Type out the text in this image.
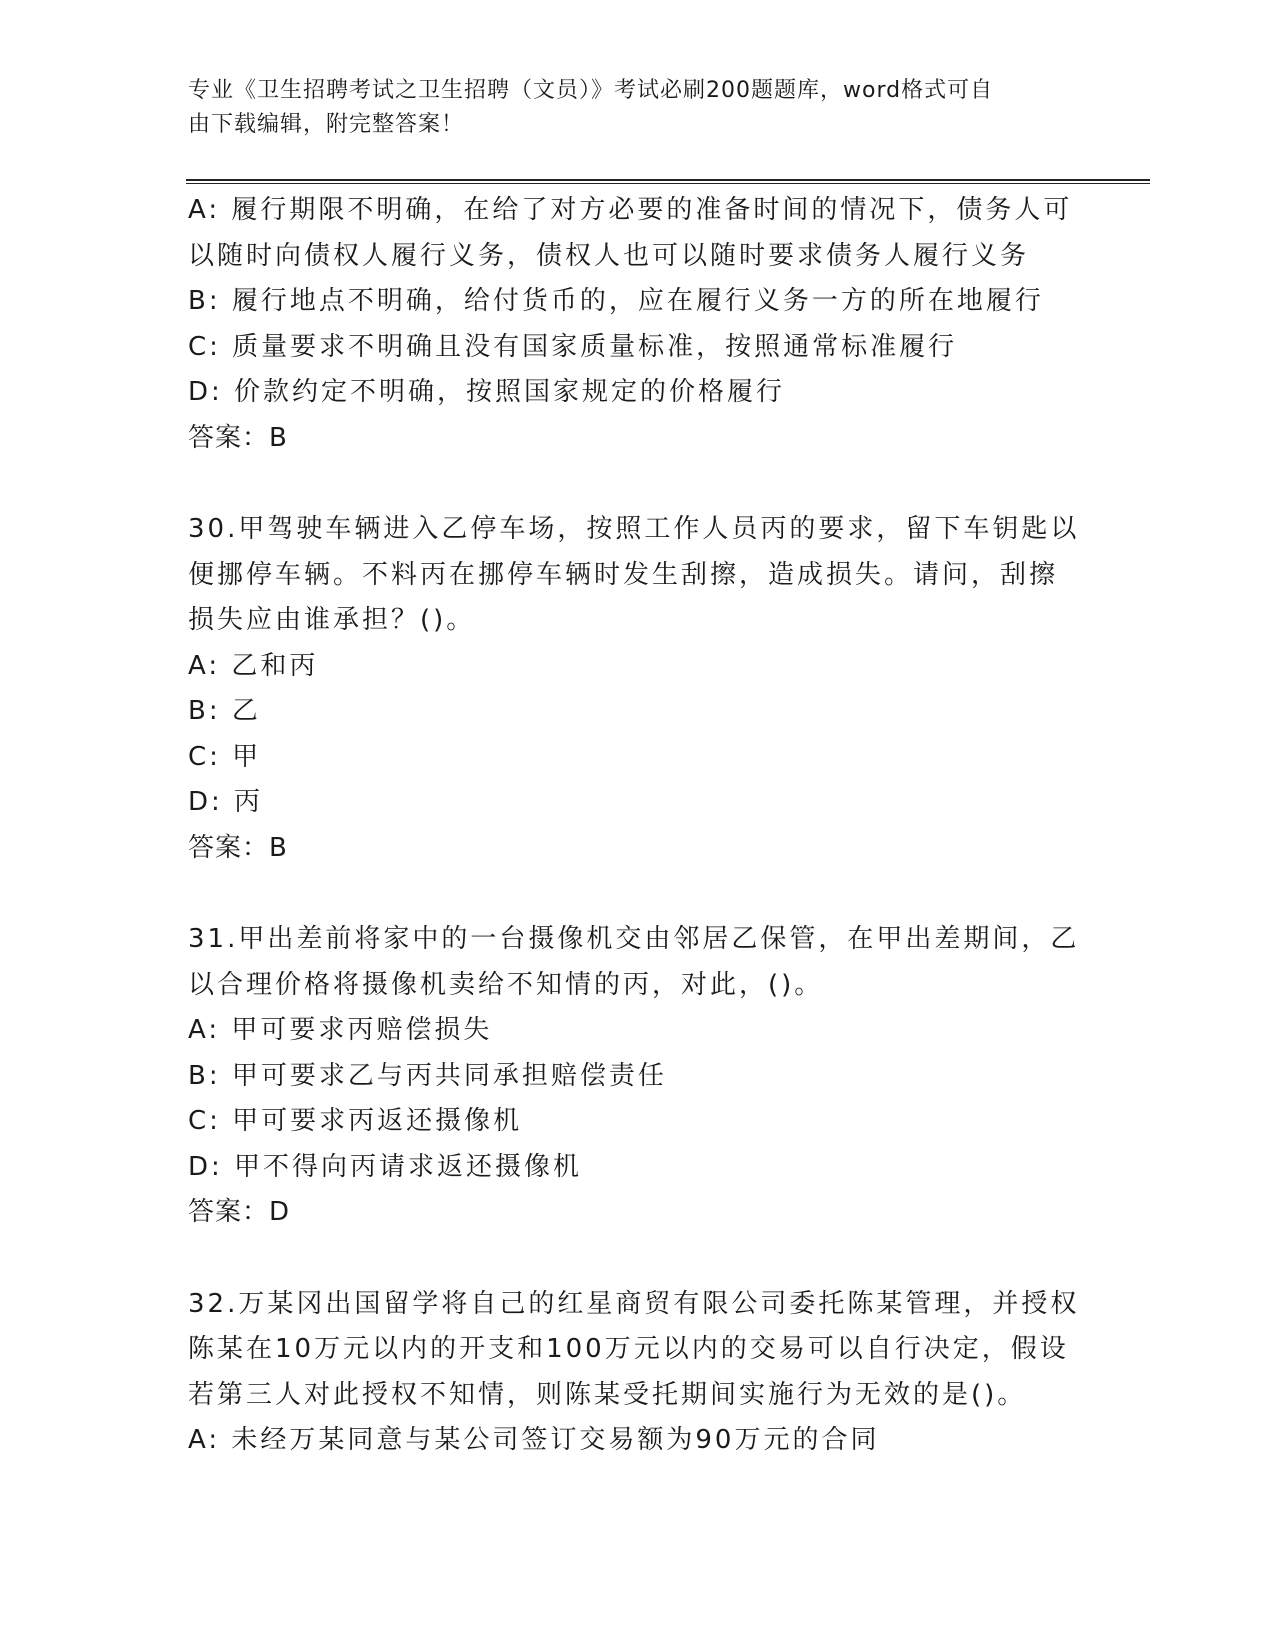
专业《卫生招聘考试之卫生招聘（文员）》考试必刷200题题库，word格式可自
由下载编辑，附完整答案！
A: 履行期限不明确，在给了对方必要的准备时间的情况下，债务人可
以随时向债权人履行义务，债权人也可以随时要求债务人履行义务
B: 履行地点不明确，给付货币的，应在履行义务一方的所在地履行
C: 质量要求不明确且没有国家质量标准，按照通常标准履行
D: 价款约定不明确，按照国家规定的价格履行
答案：B
30.甲驾驶车辆进入乙停车场，按照工作人员丙的要求，留下车钥匙以
便挪停车辆。不料丙在挪停车辆时发生刮擦，造成损失。请问，刮擦
损失应由谁承担？()。
A: 乙和丙
B: 乙
C: 甲
D: 丙
答案：B
31.甲出差前将家中的一台摄像机交由邻居乙保管，在甲出差期间，乙
以合理价格将摄像机卖给不知情的丙，对此，()。
A: 甲可要求丙赔偿损失
B: 甲可要求乙与丙共同承担赔偿责任
C: 甲可要求丙返还摄像机
D: 甲不得向丙请求返还摄像机
答案：D
32.万某冈出国留学将自己的红星商贸有限公司委托陈某管理，并授权
陈某在10万元以内的开支和100万元以内的交易可以自行决定，假设
若第三人对此授权不知情，则陈某受托期间实施行为无效的是()。
A: 未经万某同意与某公司签订交易额为90万元的合同
